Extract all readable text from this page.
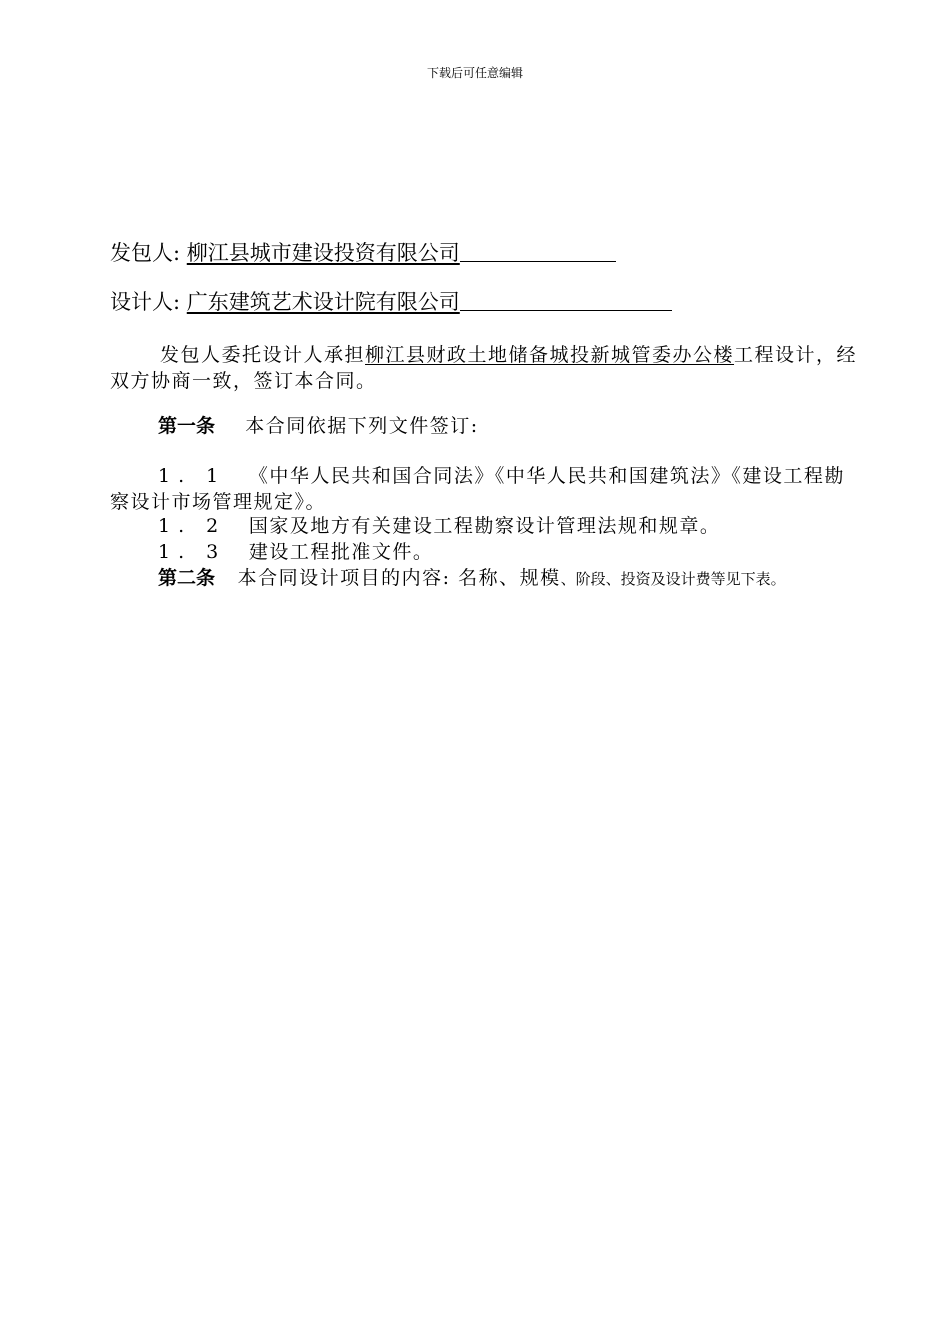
下载后可任意编辑
发包人: 柳江县城市建设投资有限公司
设计人: 广东建筑艺术设计院有限公司
发包人委托设计人承担柳江县财政土地储备城投新城管委办公楼工程设计，经双方协商一致，签订本合同。
第一条 本合同依据下列文件签订:
1. 1 《中华人民共和国合同法》《中华人民共和国建筑法》《建设工程勘察设计市场管理规定》。
1. 2 国家及地方有关建设工程勘察设计管理法规和规章。
1. 3 建设工程批准文件。
第二条 本合同设计项目的内容: 名称、规模、阶段、投资及设计费等见下表。
